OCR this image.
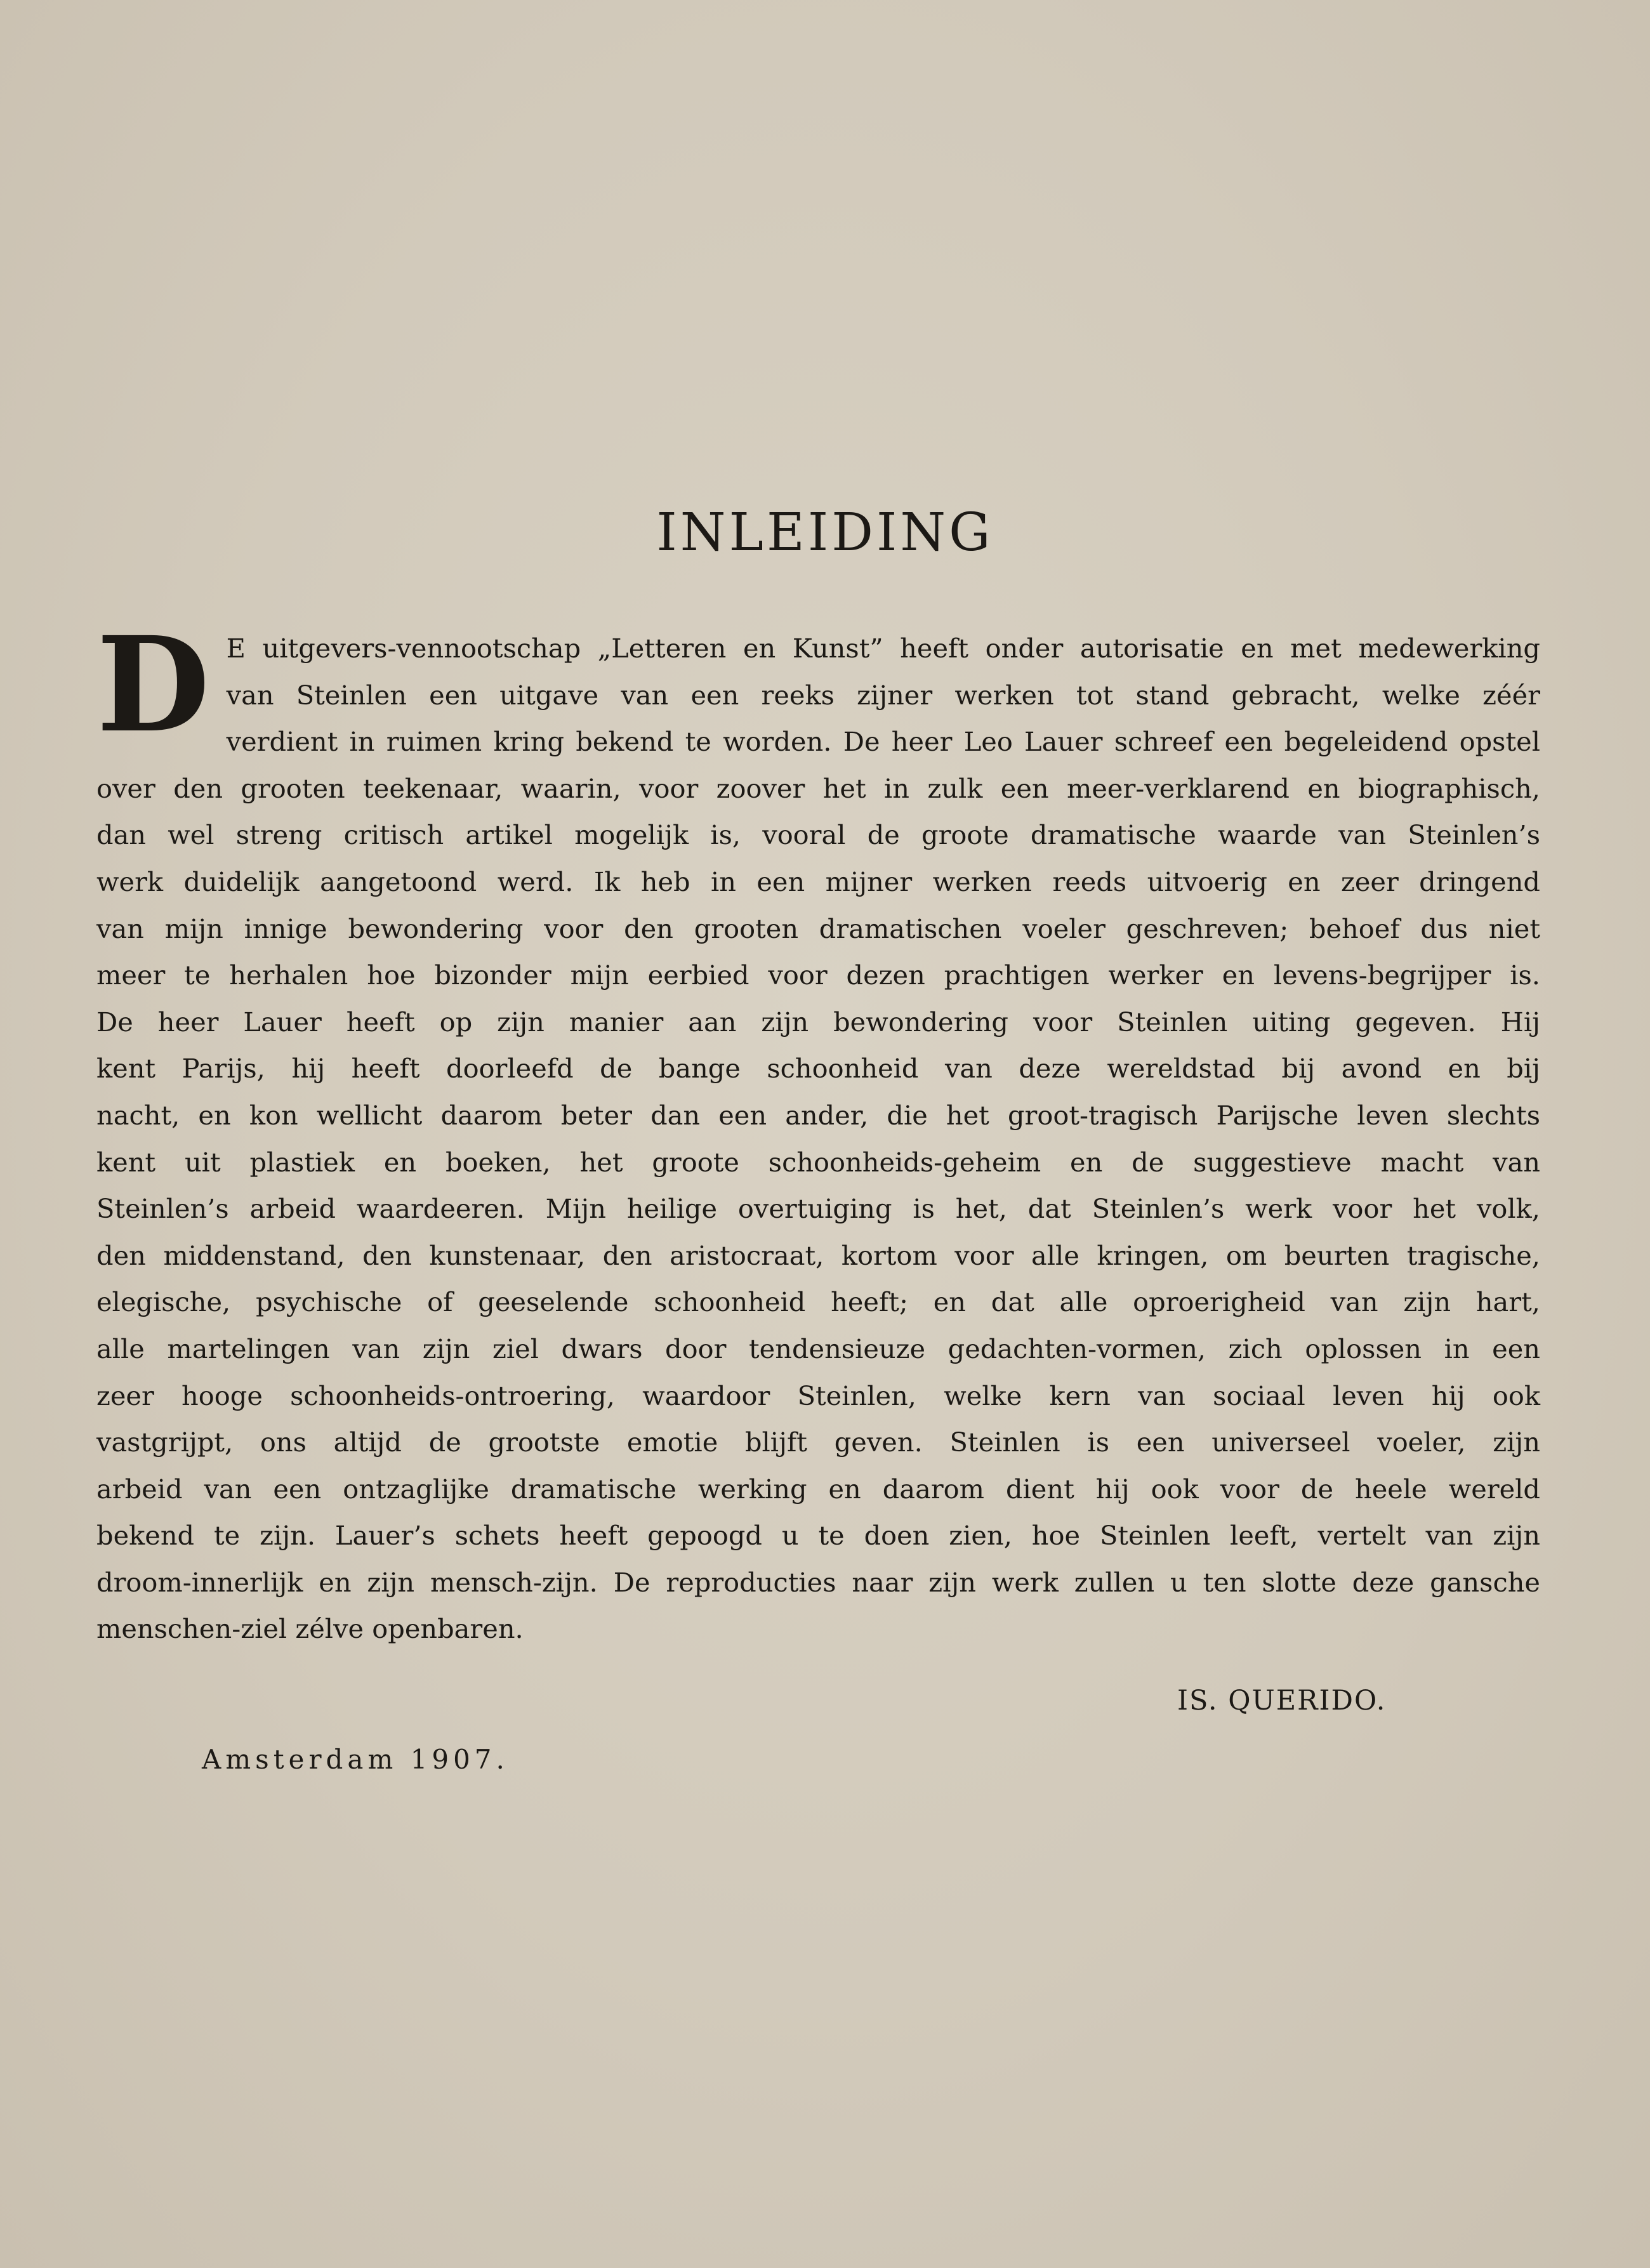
INLEIDING
D E uitgevers-vennootschap „Letteren en Kunst” heeft onder autorisatie en met medewerking
van Steinlen een uitgave van een reeks zijner werken tot stand gebracht, welke zéér
verdient in ruimen kring bekend te worden. De heer Leo Lauer schreef een begeleidend opstel
over den grooten teekenaar, waarin, voor zoover het in zulk een meer-verklarend en biographisch,
dan wel streng critisch artikel mogelijk is, vooral de groote dramatische waarde van Steinlen’s
werk duidelijk aangetoond werd. Ik heb in een mijner werken reeds uitvoerig en zeer dringend
van mijn innige bewondering voor den grooten dramatischen voeler geschreven; behoef dus niet
meer te herhalen hoe bizonder mijn eerbied voor dezen prachtigen werker en levens-begrijper is.
De heer Lauer heeft op zijn manier aan zijn bewondering voor Steinlen uiting gegeven. Hij
kent Parijs, hij heeft doorleefd de bange schoonheid van deze wereldstad bij avond en bij
nacht, en kon wellicht daarom beter dan een ander, die het groot-tragisch Parijsche leven slechts
kent uit plastiek en boeken, het groote schoonheids-geheim en de suggestieve macht van
Steinlen’s arbeid waardeeren. Mijn heilige overtuiging is het, dat Steinlen’s werk voor het volk,
den middenstand, den kunstenaar, den aristocraat, kortom voor alle kringen, om beurten tragische,
elegische, psychische of geeselende schoonheid heeft; en dat alle oproerigheid van zijn hart,
alle martelingen van zijn ziel dwars door tendensieuze gedachten-vormen, zich oplossen in een
zeer hooge schoonheids-ontroering, waardoor Steinlen, welke kern van sociaal leven hij ook
vastgrijpt, ons altijd de grootste emotie blijft geven. Steinlen is een universeel voeler, zijn
arbeid van een ontzaglijke dramatische werking en daarom dient hij ook voor de heele wereld
bekend te zijn. Lauer’s schets heeft gepoogd u te doen zien, hoe Steinlen leeft, vertelt van zijn
droom-innerlijk en zijn mensch-zijn. De reproducties naar zijn werk zullen u ten slotte deze gansche
menschen-ziel zélve openbaren.
IS. QUERIDO.
Amsterdam 1907.
